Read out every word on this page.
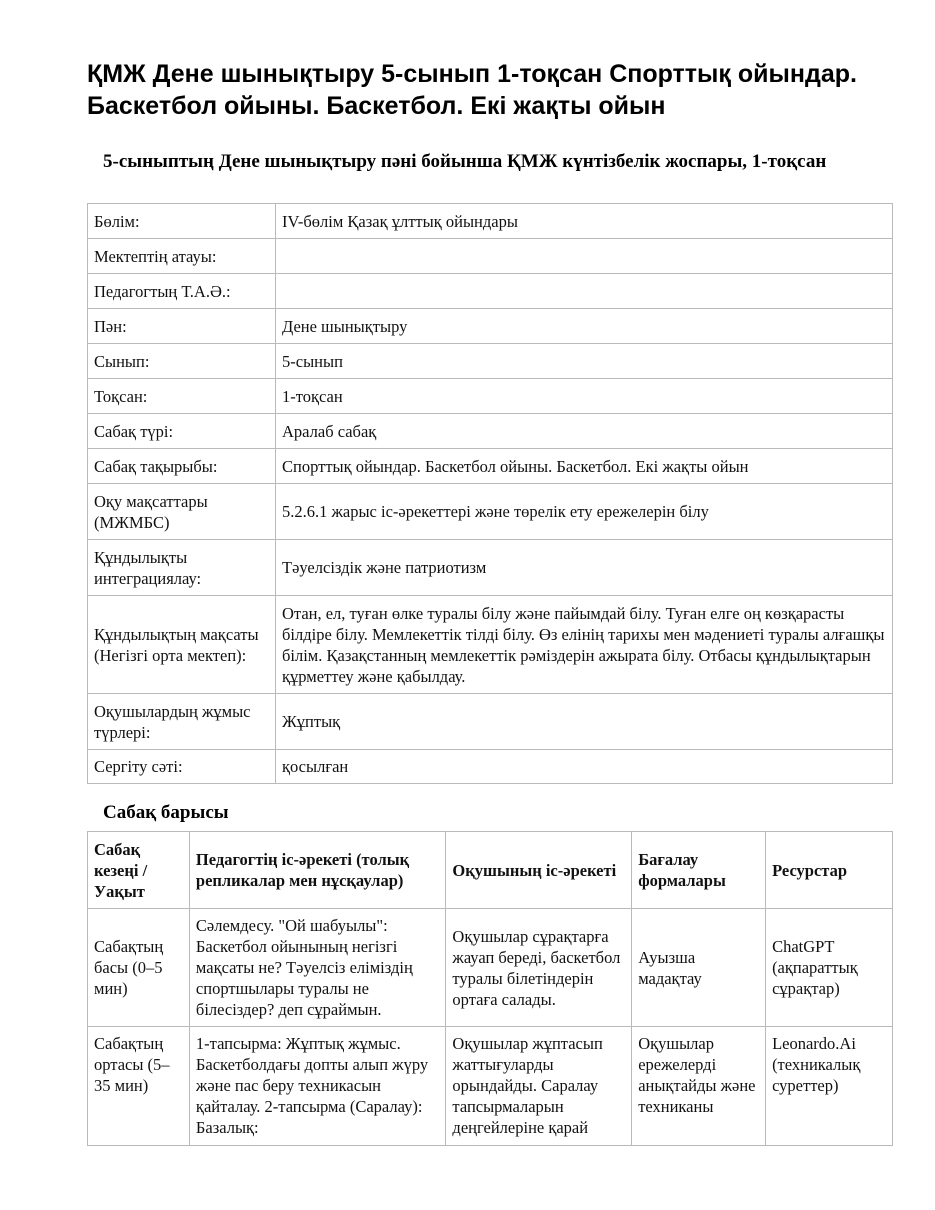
ҚМЖ Дене шынықтыру 5-сынып 1-тоқсан Спорттық ойындар. Баскетбол ойыны. Баскетбол. Екі жақты ойын
5-сыныптың Дене шынықтыру пәні бойынша ҚМЖ күнтізбелік жоспары, 1-тоқсан
Бөлім:	IV-бөлім Қазақ ұлттық ойындары
Мектептің атауы:	
Педагогтың Т.А.Ә.:	
Пән:	Дене шынықтыру
Сынып:	5-сынып
Тоқсан:	1-тоқсан
Сабақ түрі:	Аралаб сабақ
Сабақ тақырыбы:	Спорттық ойындар. Баскетбол ойыны. Баскетбол. Екі жақты ойын
Оқу мақсаттары (МЖМБС)	5.2.6.1 жарыс іс-әрекеттері және төрелік ету ережелерін білу
Құндылықты интеграциялау:	Тәуелсіздік және патриотизм
Құндылықтың мақсаты (Негізгі орта мектеп):	Отан, ел, туған өлке туралы білу және пайымдай білу. Туған елге оң көзқарасты білдіре білу. Мемлекеттік тілді білу. Өз елінің тарихы мен мәдениеті туралы алғашқы білім. Қазақстанның мемлекеттік рәміздерін ажырата білу. Отбасы құндылықтарын құрметтеу және қабылдау.
Оқушылардың жұмыс түрлері:	Жұптық
Сергіту сәті:	қосылған
Сабақ барысы
Сабақ кезеңі / Уақыт	Педагогтің іс-әрекеті (толық репликалар мен нұсқаулар)	Оқушының іс-әрекеті	Бағалау формалары	Ресурстар
Сабақтың басы (0–5 мин)	Сәлемдесу. "Ой шабуылы": Баскетбол ойынының негізгі мақсаты не? Тәуелсіз еліміздің спортшылары туралы не білесіздер? деп сұраймын.	Оқушылар сұрақтарға жауап береді, баскетбол туралы білетіндерін ортаға салады.	Ауызша мадақтау	ChatGPT (ақпараттық сұрақтар)

Сабақтың ортасы (5–35 мин)	1-тапсырма: Жұптық жұмыс. Баскетболдағы допты алып жүру және пас беру техникасын қайталау. 2-тапсырма (Саралау): Базалық:	Оқушылар жұптасып жаттығуларды орындайды. Саралау тапсырмаларын деңгейлеріне қарай	Оқушылар ережелерді анықтайды және техниканы	Leonardo.Ai (техникалық суреттер)
